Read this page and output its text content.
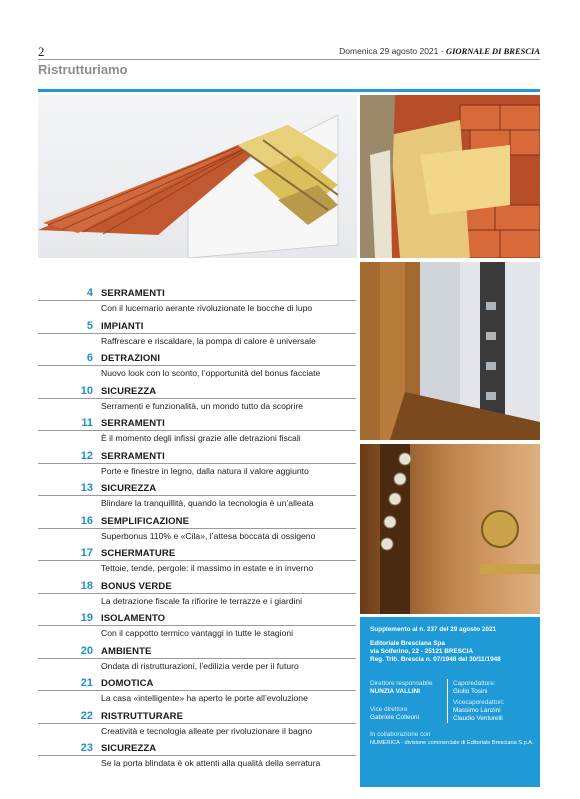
2	Domenica 29 agosto 2021 · GIORNALE DI BRESCIA
Ristrutturiamo
4 SERRAMENTI
Con il lucernario aerante rivoluzionate le bocche di lupo
5 IMPIANTI
Raffrescare e riscaldare, la pompa di calore è universale
6 DETRAZIONI
Nuovo look con lo sconto, l’opportunità del bonus facciate
10 SICUREZZA
Serramenti e funzionalità, un mondo tutto da scoprire
11 SERRAMENTI
È il momento degli infissi grazie alle detrazioni fiscali
12 SERRAMENTI
Porte e finestre in legno, dalla natura il valore aggiunto
13 SICUREZZA
Blindare la tranquillità, quando la tecnologia è un’alleata
16 SEMPLIFICAZIONE
Superbonus 110% e «Cila», l’attesa boccata di ossigeno
17 SCHERMATURE
Tettoie, tende, pergole: il massimo in estate e in inverno
18 BONUS VERDE
La detrazione fiscale fa rifiorire le terrazze e i giardini
19 ISOLAMENTO
Con il cappotto termico vantaggi in tutte le stagioni
20 AMBIENTE
Ondata di ristrutturazioni, l’edilizia verde per il futuro
21 DOMOTICA
La casa «intelligente» ha aperto le porte all’evoluzione
22 RISTRUTTURARE
Creatività e tecnologia alleate per rivoluzionare il bagno
23 SICUREZZA
Se la porta blindata è ok attenti alla qualità della serratura
Supplemento al n. 237 del 29 agosto 2021
Editoriale Bresciana Spa
via Solferino, 22 - 25121 BRESCIA
Reg. Trib. Brescia n. 07/1948 del 30/11/1948
Direttore responsabile
NUNZIA VALLINI
Vice direttore
Gabriele Colleoni
Caporedattore:
Giulio Tosini
Vicecaporedattori:
Massimo Lanzini
Claudio Venturelli
In collaborazione con
NUMERICA - divisione commerciale di Editoriale Bresciana S.p.A.
